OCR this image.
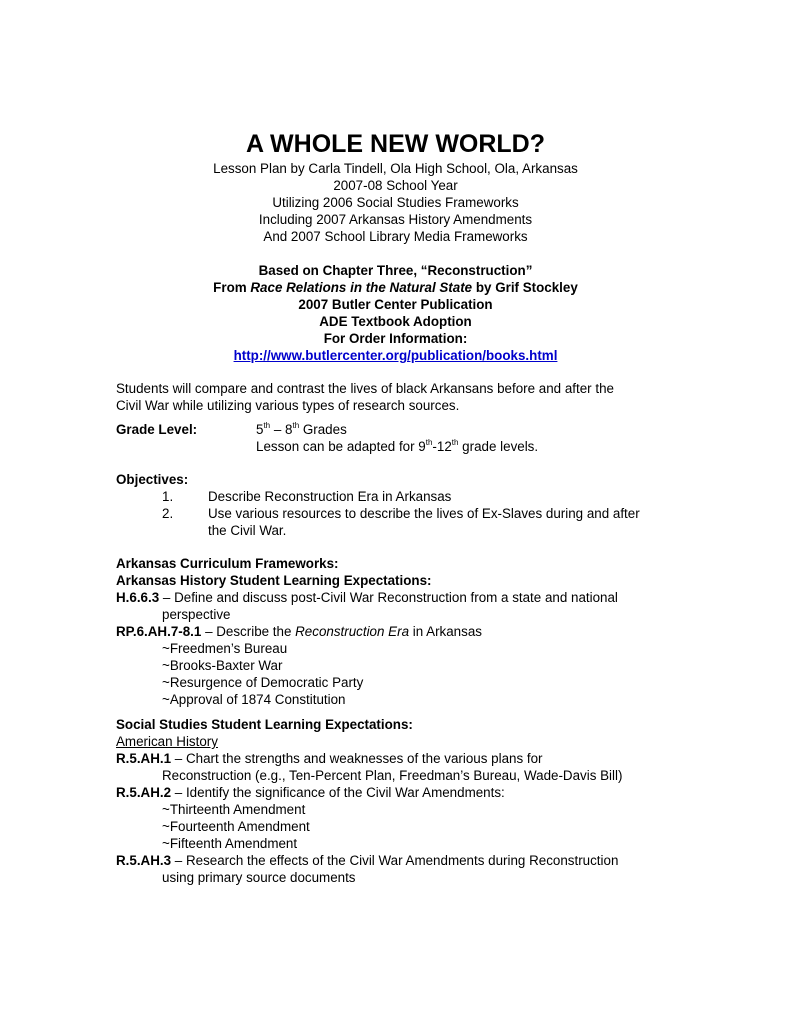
A WHOLE NEW WORLD?
Lesson Plan by Carla Tindell, Ola High School, Ola, Arkansas
2007-08 School Year
Utilizing 2006 Social Studies Frameworks
Including 2007 Arkansas History Amendments
And 2007 School Library Media Frameworks
Based on Chapter Three, “Reconstruction”
From Race Relations in the Natural State by Grif Stockley
2007 Butler Center Publication
ADE Textbook Adoption
For Order Information:
http://www.butlercenter.org/publication/books.html
Students will compare and contrast the lives of black Arkansans before and after the
Civil War while utilizing various types of research sources.
Grade Level:	5th – 8th Grades
Lesson can be adapted for 9th-12th grade levels.
Objectives:
1.	Describe Reconstruction Era in Arkansas
2.	Use various resources to describe the lives of Ex-Slaves during and after
the Civil War.
Arkansas Curriculum Frameworks:
Arkansas History Student Learning Expectations:
H.6.6.3 – Define and discuss post-Civil War Reconstruction from a state and national
perspective
RP.6.AH.7-8.1 – Describe the Reconstruction Era in Arkansas
~Freedmen’s Bureau
~Brooks-Baxter War
~Resurgence of Democratic Party
~Approval of 1874 Constitution
Social Studies Student Learning Expectations:
American History
R.5.AH.1 – Chart the strengths and weaknesses of the various plans for
Reconstruction (e.g., Ten-Percent Plan, Freedman’s Bureau, Wade-Davis Bill)
R.5.AH.2 – Identify the significance of the Civil War Amendments:
~Thirteenth Amendment
~Fourteenth Amendment
~Fifteenth Amendment
R.5.AH.3 – Research the effects of the Civil War Amendments during Reconstruction
using primary source documents
